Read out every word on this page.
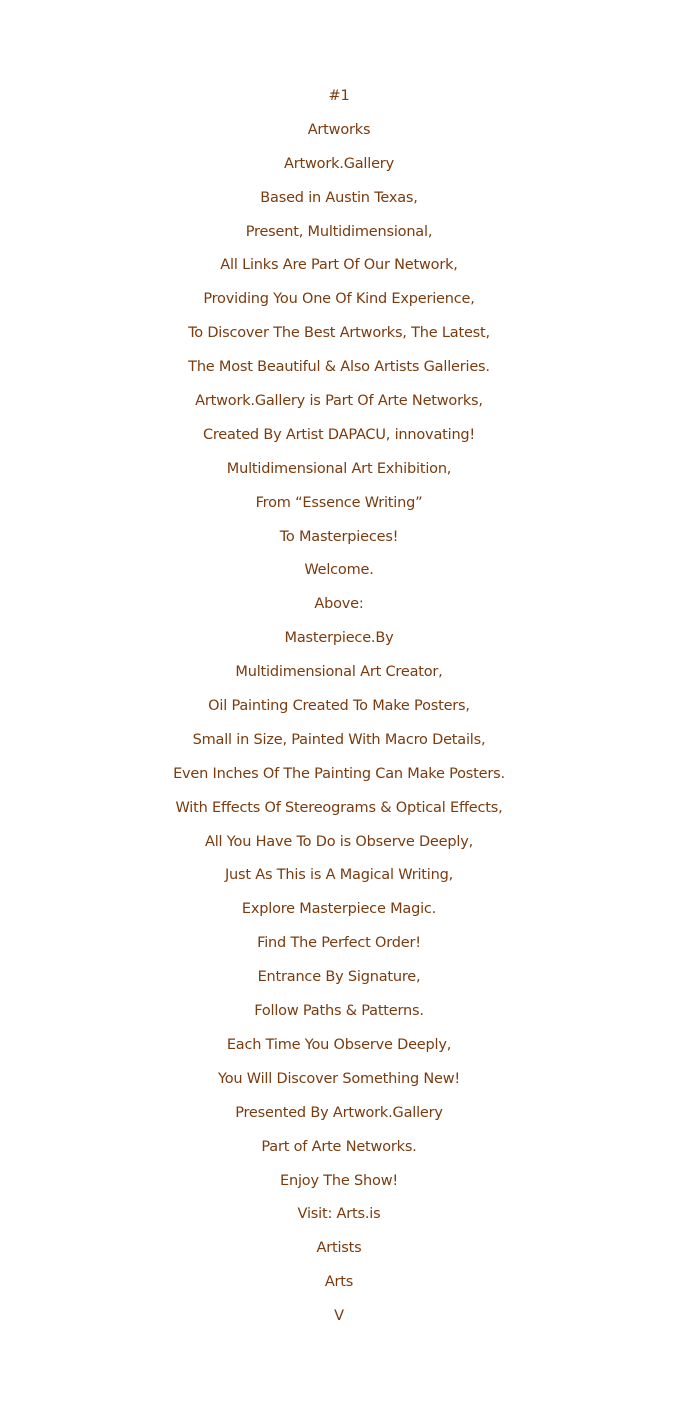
#1
Artworks
Artwork.Gallery
Based in Austin Texas,
Present, Multidimensional,
All Links Are Part Of Our Network,
Providing You One Of Kind Experience,
To Discover The Best Artworks, The Latest,
The Most Beautiful & Also Artists Galleries.
Artwork.Gallery is Part Of Arte Networks,
Created By Artist DAPACU, innovating!
Multidimensional Art Exhibition,
From “Essence Writing”
To Masterpieces!
Welcome.
Above:
Masterpiece.By
Multidimensional Art Creator,
Oil Painting Created To Make Posters,
Small in Size, Painted With Macro Details,
Even Inches Of The Painting Can Make Posters.
With Effects Of Stereograms & Optical Effects,
All You Have To Do is Observe Deeply,
Just As This is A Magical Writing,
Explore Masterpiece Magic.
Find The Perfect Order!
Entrance By Signature,
Follow Paths & Patterns.
Each Time You Observe Deeply,
You Will Discover Something New!
Presented By Artwork.Gallery
Part of Arte Networks.
Enjoy The Show!
Visit: Arts.is
Artists
Arts
V
